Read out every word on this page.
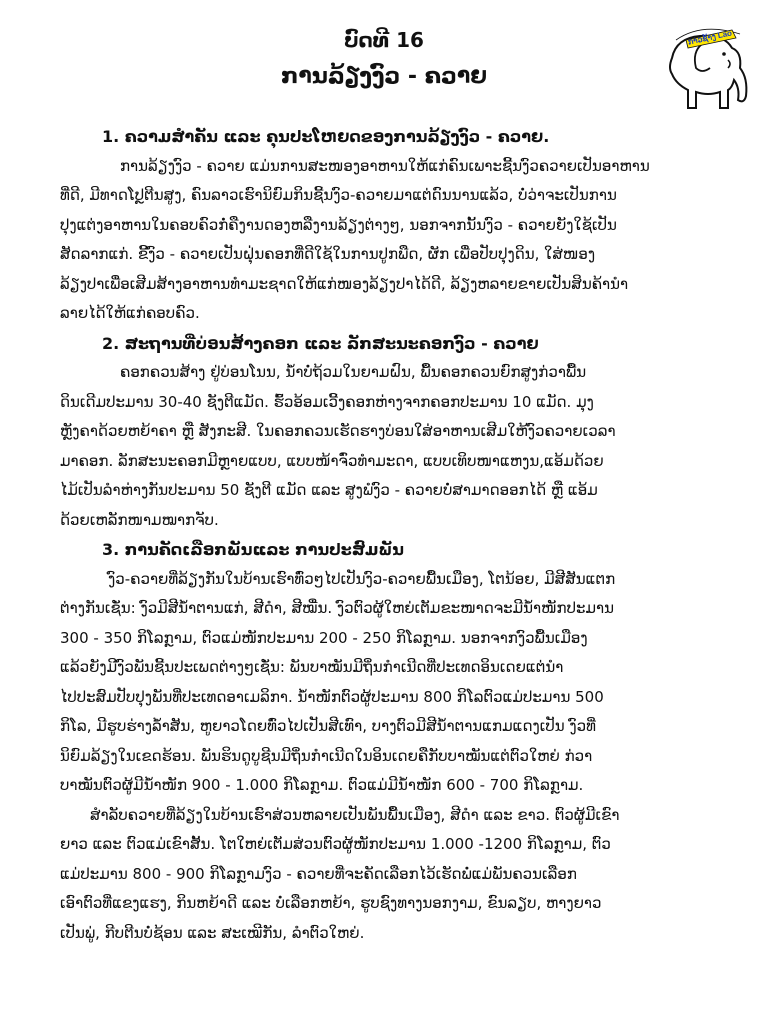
ບົດທີ 16
ການລ້ຽງງົວ - ຄວາຍ
ກາວຊ້າງ Lao
1. ຄວາມສຳຄັນ ແລະ ຄຸນປະໂຫຍດຂອງການລ້ຽງງົວ - ຄວາຍ.
ການລ້ຽງງົວ - ຄວາຍ ແມ່ນການສະໜອງອາຫານໃຫ້ແກ່ຄົນເພາະຊີ້ນງົວຄວາຍເປັນອາຫານ
ທີ່ດີ, ມີທາດໂປຼຕີນສູງ, ຄົນລາວເຮົານິຍົມກິນຊີ້ນງົວ-ຄວາຍມາແຕ່ດົນນານແລ້ວ, ບໍ່ວ່າຈະເປັນການ
ປຸງແຕ່ງອາຫານໃນຄອບຄົວກໍ່ຄືງານດອງຫລືງານລ້ຽງຕ່າງໆ, ນອກຈາກນັ້ນງົວ - ຄວາຍຍັງໃຊ້ເປັນ
ສັດລາກແກ່. ຂີ້ງົວ - ຄວາຍເປັນຝຸ່ນຄອກທີ່ດີໃຊ້ໃນການປູກພືດ, ຜັກ ເພື່ອປັບປຸງດິນ, ໃສ່ໜອງ
ລ້ຽງປາເພື່ອເສີມສ້າງອາຫານທຳມະຊາດໃຫ້ແກ່ໜອງລ້ຽງປາໄດ້ດີ, ລ້ຽງຫລາຍຂາຍເປັນສິນຄ້ານຳ
ລາຍໄດ້ໃຫ້ແກ່ຄອບຄົວ.
2. ສະຖານທີ່ບ່ອນສ້າງຄອກ ແລະ ລັກສະນະຄອກງົວ - ຄວາຍ
ຄອກຄວນສ້າງ ຢູ່ບ່ອນໂນນ, ນ້ຳບໍ່ຖ້ວມໃນຍາມຝົນ, ພື້ນຄອກຄວນຍົກສູງກ່ວາພື້ນ
ດິນເດີມປະມານ 30-40 ຊັງຕີແມັດ. ຮົ້ວອ້ອມເວີ້ງຄອກຫ່າງຈາກຄອກປະມານ 10 ແມັດ. ມຸງ
ຫຼັງຄາດ້ວຍຫຍ້າຄາ ຫຼື ສັງກະສີ. ໃນຄອກຄວນເຮັດຮາງບ່ອນໃສ່ອາຫານເສີມໃຫ້ງົວຄວາຍເວລາ
ມາຄອກ. ລັກສະນະຄອກມີຫຼາຍແບບ, ແບບໜ້າຈົ່ວທຳມະດາ, ແບບເທິບໜາແຫງນ,ແອ້ມດ້ວຍ
ໄມ້ເປັນລຳຫ່າງກັນປະມານ 50 ຊັງຕີ ແມັດ ແລະ ສູງພໍງົວ - ຄວາຍບໍ່ສາມາດອອກໄດ້ ຫຼື ແອ້ມ
ດ້ວຍເຫລັກໜາມໝາກຈັບ.
3. ການຄັດເລືອກພັນແລະ ການປະສົມພັນ
ງົວ-ຄວາຍທີ່ລ້ຽງກັນໃນບ້ານເຮົາທົ່ວໆໄປເປັນງົວ-ຄວາຍພື້ນເມືອງ, ໂຕນ້ອຍ, ມີສີສັນແຕກ
ຕ່າງກັນເຊັ່ນ: ງົວມີສີນ້ຳຕານແກ່, ສີດຳ, ສີໝື່ນ. ງົວຕົວຜູ້ໃຫຍ່ເຕັມຂະໜາດຈະມີນ້ຳໜັກປະມານ
300 - 350 ກິໂລກຼາມ, ຕົວແມ່ໜັກປະມານ 200 - 250 ກິໂລກຼາມ. ນອກຈາກງົວພື້ນເມືອງ
ແລ້ວຍັງມີງົວພັນຊີ້ນປະເພດຕ່າງໆເຊັ່ນ: ພັນບາໝັນມີຖິ່ນກຳເນີດທີ່ປະເທດອິນເດຍແຕ່ນຳ
ໄປປະສົມປັບປຸງພັນທີ່ປະເທດອາເມລິກາ. ນ້ຳໜັກຕົວຜູ້ປະມານ 800 ກິໂລຕົວແມ່ປະມານ 500
ກິໂລ, ມີຮູບຮ່າງລ້ຳສັນ, ຫູຍາວໂດຍທົ່ວໄປເປັນສີເທົາ, ບາງຕົວມີສີນ້ຳຕານແກມແດງເປັນ ງົວທີ່
ນິຍົມລ້ຽງໃນເຂດຮ້ອນ. ພັນຮິນດູບູຊີນມີຖິ່ນກຳເນີດໃນອິນເດຍຄືກັບບາໝັນແຕ່ຕົວໃຫຍ່ ກ່ວາ
ບາໝັນຕົວຜູ້ມີນ້ຳໜັກ 900 - 1.000 ກິໂລກຼາມ. ຕົວແມ່ມີນ້ຳໜັກ 600 - 700 ກິໂລກຼາມ.
ສຳລັບຄວາຍທີ່ລ້ຽງໃນບ້ານເຮົາສ່ວນຫລາຍເປັນພັນພື້ນເມືອງ, ສີດຳ ແລະ ຂາວ. ຕົວຜູ້ມີເຂົາ
ຍາວ ແລະ ຕົວແມ່ເຂົາສັ້ນ. ໂຕໃຫຍ່ເຕັມສ່ວນຕົວຜູ້ໜັກປະມານ 1.000 -1200 ກິໂລກຼາມ, ຕົວ
ແມ່ປະມານ 800 - 900 ກິໂລກຼາມງົວ - ຄວາຍທີ່ຈະຄັດເລືອກໄວ້ເຮັດພໍ່ແມ່ພັນຄວນເລືອກ
ເອົາຕົວທີ່ແຂງແຮງ, ກິນຫຍ້າດີ ແລະ ບໍ່ເລືອກຫຍ້າ, ຮູບຊົງທາງນອກງາມ, ຂົນລຽບ, ຫາງຍາວ
ເປັນພູ່, ກີບຕີນບໍ່ຊ້ອນ ແລະ ສະເໝີກັນ, ລຳຕົວໃຫຍ່.
